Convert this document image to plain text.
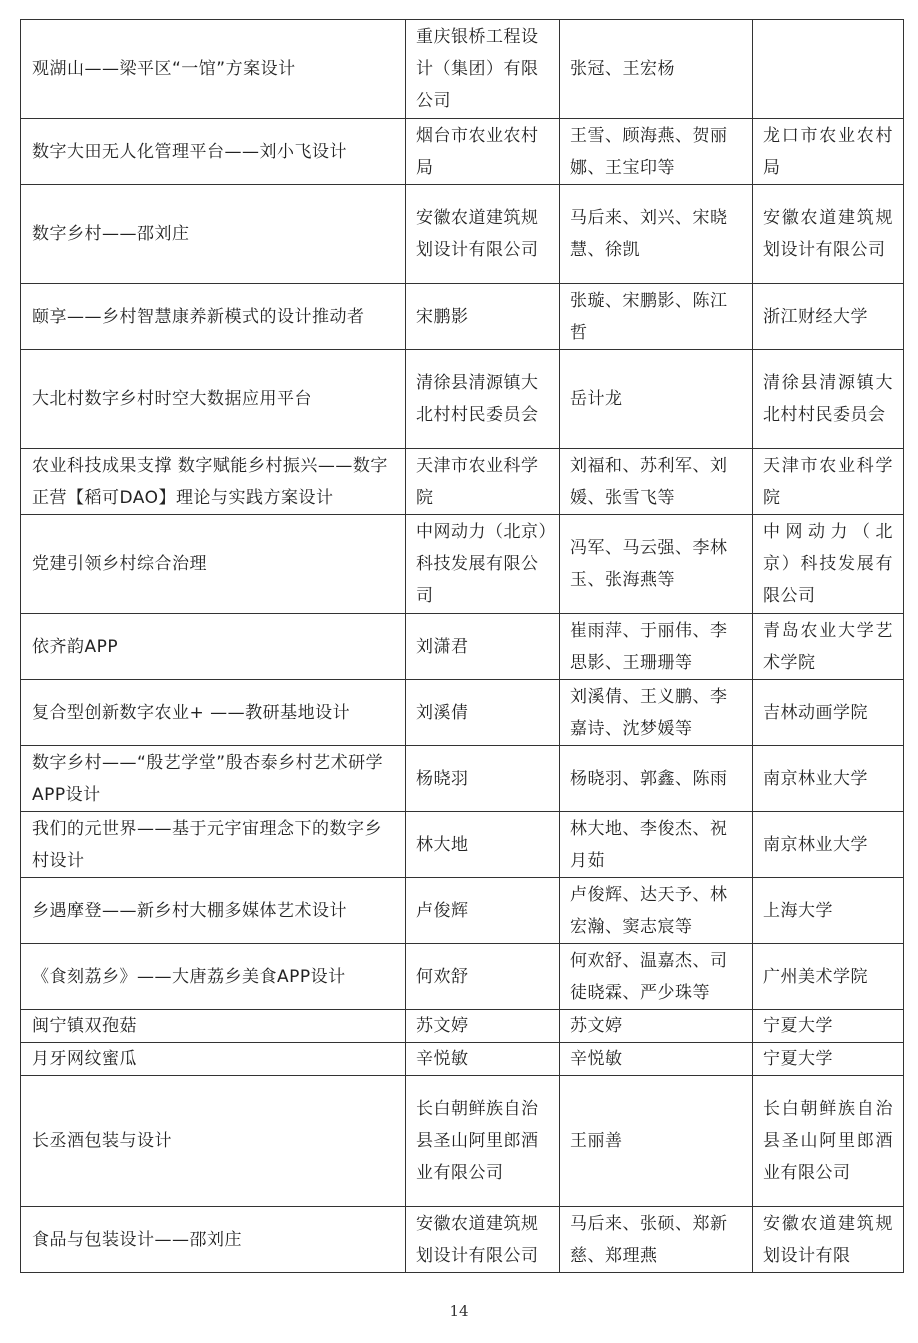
观湖山——梁平区“一馆”方案设计	重庆银桥工程设计（集团）有限公司	张冠、王宏杨	
数字大田无人化管理平台——刘小飞设计	烟台市农业农村局	王雪、顾海燕、贺丽娜、王宝印等	龙口市农业农村局
数字乡村——邵刘庄	安徽农道建筑规划设计有限公司	马后来、刘兴、宋晓慧、徐凯	安徽农道建筑规划设计有限公司
颐享——乡村智慧康养新模式的设计推动者	宋鹏影	张璇、宋鹏影、陈江哲	浙江财经大学
大北村数字乡村时空大数据应用平台	清徐县清源镇大北村村民委员会	岳计龙	清徐县清源镇大北村村民委员会
农业科技成果支撑 数字赋能乡村振兴——数字正营【稻可DAO】理论与实践方案设计	天津市农业科学院	刘福和、苏利军、刘媛、张雪飞等	天津市农业科学院
党建引领乡村综合治理	中网动力（北京）科技发展有限公司	冯军、马云强、李林玉、张海燕等	中网动力（北京）科技发展有限公司
依齐韵APP	刘潇君	崔雨萍、于丽伟、李思影、王珊珊等	青岛农业大学艺术学院
复合型创新数字农业+ ——教研基地设计	刘溪倩	刘溪倩、王义鹏、李嘉诗、沈梦媛等	吉林动画学院
数字乡村——“殷艺学堂”殷杏泰乡村艺术研学APP设计	杨晓羽	杨晓羽、郭鑫、陈雨	南京林业大学
我们的元世界——基于元宇宙理念下的数字乡村设计	林大地	林大地、李俊杰、祝月茹	南京林业大学
乡遇摩登——新乡村大棚多媒体艺术设计	卢俊辉	卢俊辉、达天予、林宏瀚、窦志宸等	上海大学
《食刻荔乡》——大唐荔乡美食APP设计	何欢舒	何欢舒、温嘉杰、司徒晓霖、严少珠等	广州美术学院
闽宁镇双孢菇	苏文婷	苏文婷	宁夏大学
月牙网纹蜜瓜	辛悦敏	辛悦敏	宁夏大学
长丞酒包装与设计	长白朝鲜族自治县圣山阿里郎酒业有限公司	王丽善	长白朝鲜族自治县圣山阿里郎酒业有限公司
食品与包装设计——邵刘庄	安徽农道建筑规划设计有限公司	马后来、张硕、郑新慈、郑理燕	安徽农道建筑规划设计有限
14
